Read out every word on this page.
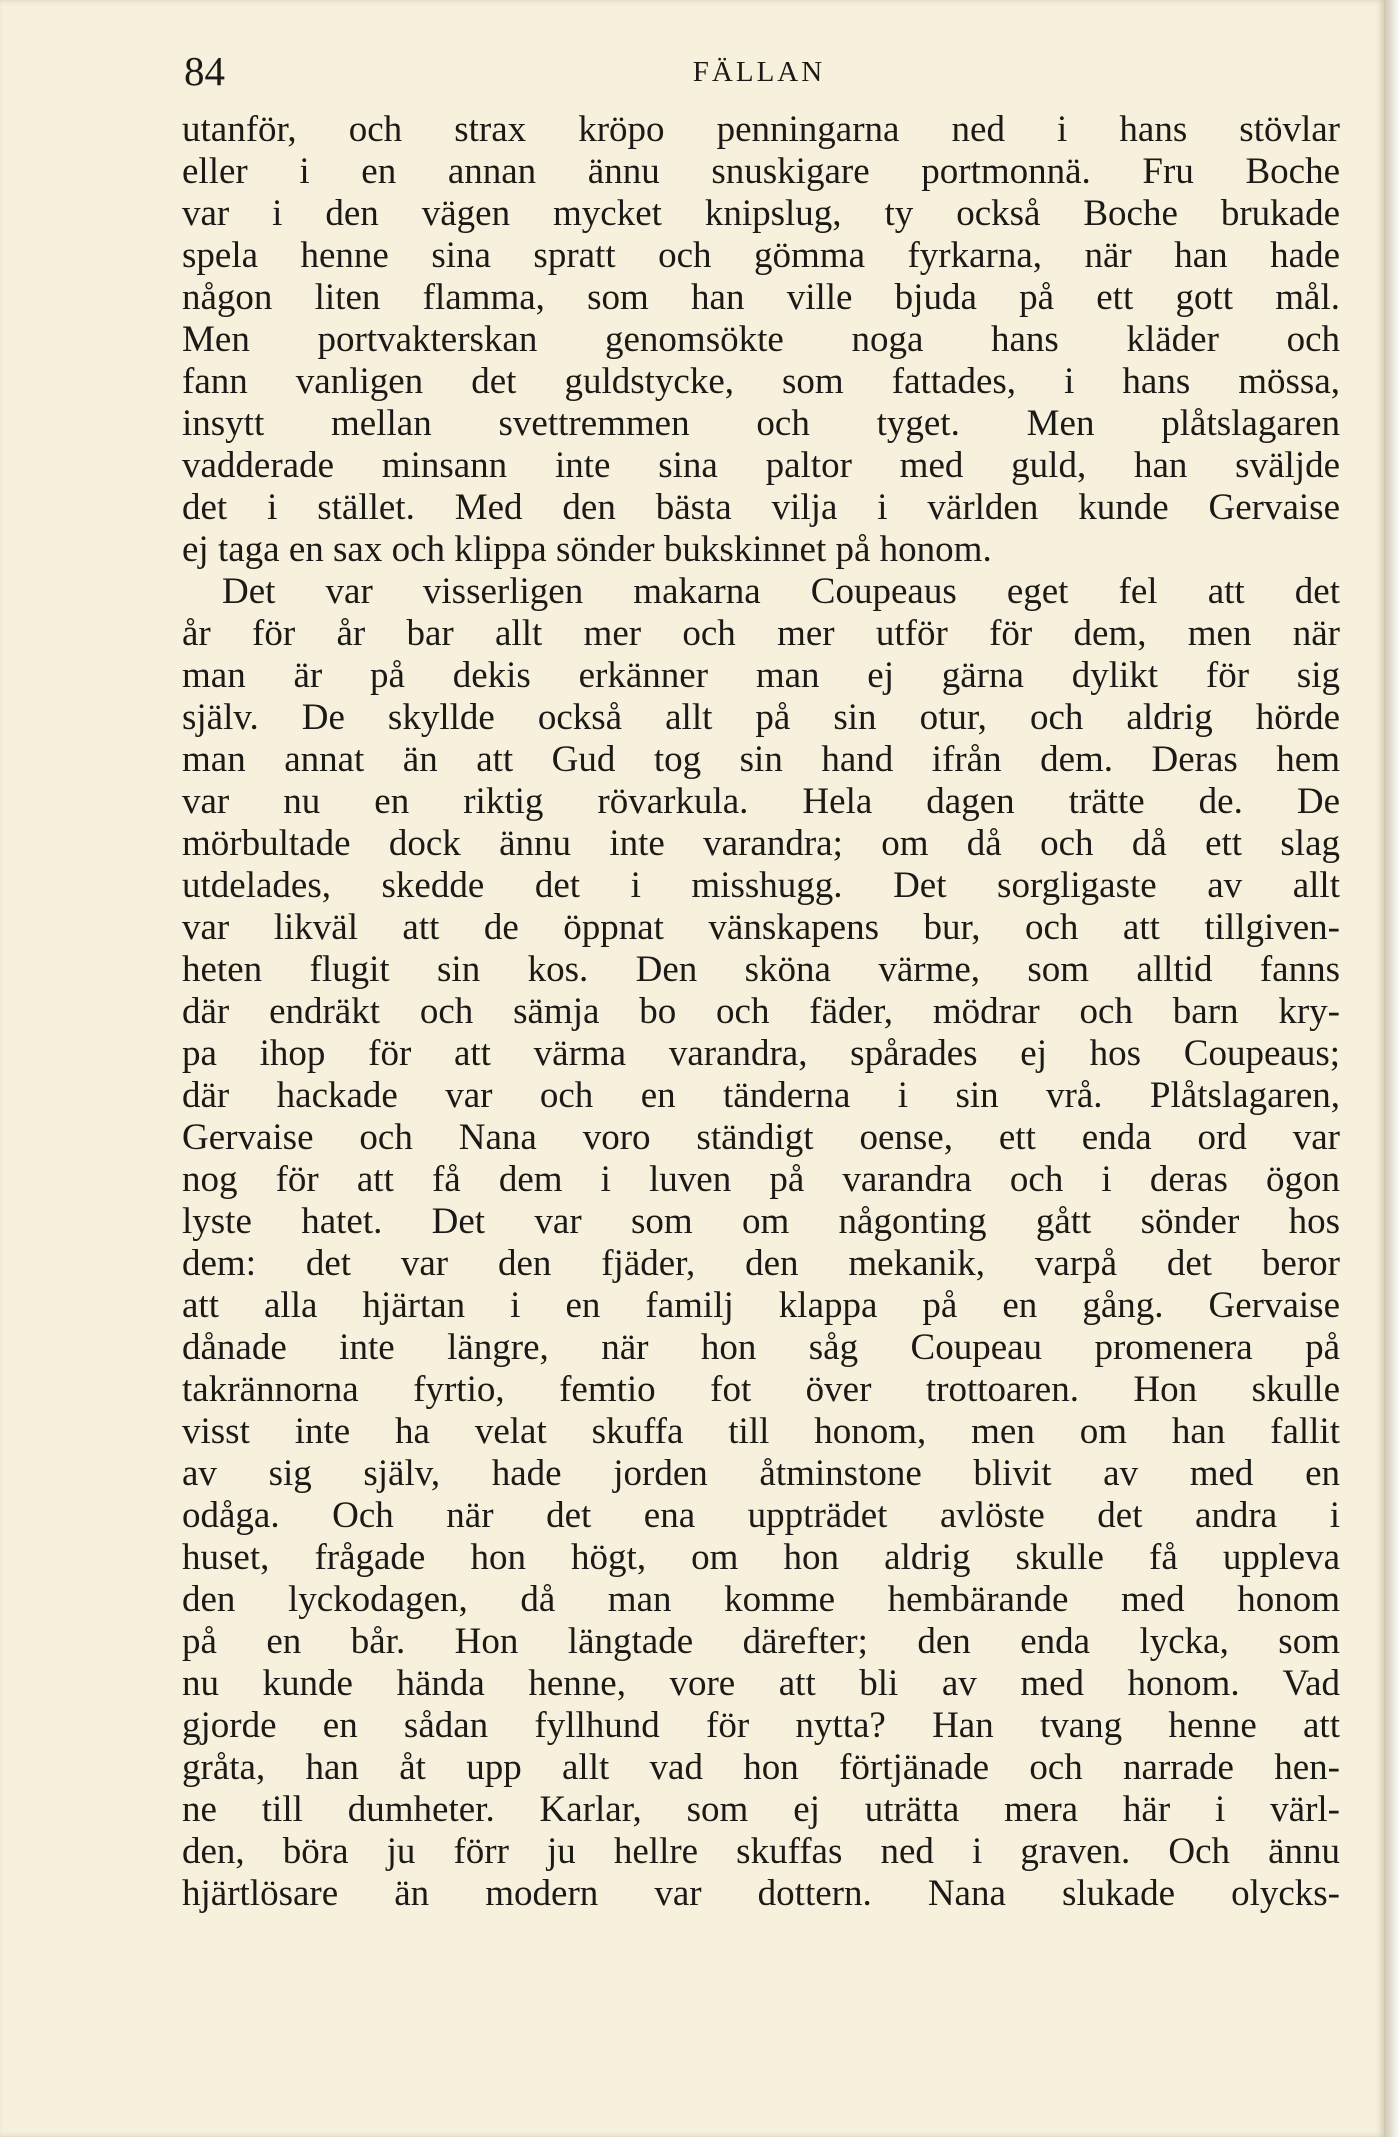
84	FÄLLAN
utanför, och strax kröpo penningarna ned i hans stövlar
eller i en annan ännu snuskigare portmonnä. Fru Boche
var i den vägen mycket knipslug, ty också Boche brukade
spela henne sina spratt och gömma fyrkarna, när han hade
någon liten flamma, som han ville bjuda på ett gott mål.
Men portvakterskan genomsökte noga hans kläder och
fann vanligen det guldstycke, som fattades, i hans mössa,
insytt mellan svettremmen och tyget. Men plåtslagaren
vadderade minsann inte sina paltor med guld, han sväljde
det i stället. Med den bästa vilja i världen kunde Gervaise
ej taga en sax och klippa sönder bukskinnet på honom.
Det var visserligen makarna Coupeaus eget fel att det
år för år bar allt mer och mer utför för dem, men när
man är på dekis erkänner man ej gärna dylikt för sig
själv. De skyllde också allt på sin otur, och aldrig hörde
man annat än att Gud tog sin hand ifrån dem. Deras hem
var nu en riktig rövarkula. Hela dagen trätte de. De
mörbultade dock ännu inte varandra; om då och då ett slag
utdelades, skedde det i misshugg. Det sorgligaste av allt
var likväl att de öppnat vänskapens bur, och att tillgiven-
heten flugit sin kos. Den sköna värme, som alltid fanns
där endräkt och sämja bo och fäder, mödrar och barn kry-
pa ihop för att värma varandra, spårades ej hos Coupeaus;
där hackade var och en tänderna i sin vrå. Plåtslagaren,
Gervaise och Nana voro ständigt oense, ett enda ord var
nog för att få dem i luven på varandra och i deras ögon
lyste hatet. Det var som om någonting gått sönder hos
dem: det var den fjäder, den mekanik, varpå det beror
att alla hjärtan i en familj klappa på en gång. Gervaise
dånade inte längre, när hon såg Coupeau promenera på
takrännorna fyrtio, femtio fot över trottoaren. Hon skulle
visst inte ha velat skuffa till honom, men om han fallit
av sig själv, hade jorden åtminstone blivit av med en
odåga. Och när det ena uppträdet avlöste det andra i
huset, frågade hon högt, om hon aldrig skulle få uppleva
den lyckodagen, då man komme hembärande med honom
på en bår. Hon längtade därefter; den enda lycka, som
nu kunde hända henne, vore att bli av med honom. Vad
gjorde en sådan fyllhund för nytta? Han tvang henne att
gråta, han åt upp allt vad hon förtjänade och narrade hen-
ne till dumheter. Karlar, som ej uträtta mera här i värl-
den, böra ju förr ju hellre skuffas ned i graven. Och ännu
hjärtlösare än modern var dottern. Nana slukade olycks-
